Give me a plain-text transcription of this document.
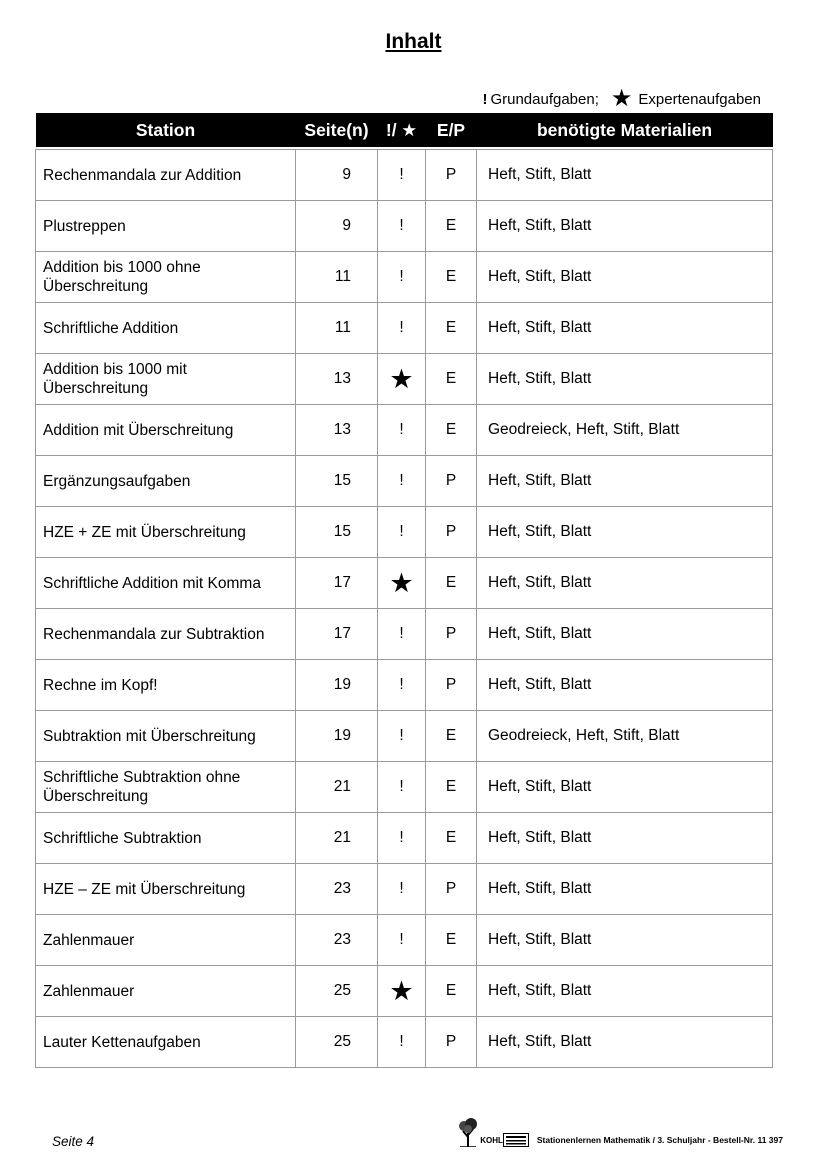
Inhalt
! Grundaufgaben; ★ Expertenaufgaben
Station	Seite(n)	!/ ★	E/P	benötigte Materialien

Rechenmandala zur Addition	9	!	P	Heft, Stift, Blatt
Plustreppen	9	!	E	Heft, Stift, Blatt
Addition bis 1000 ohne
Überschreitung	11	!	E	Heft, Stift, Blatt
Schriftliche Addition	11	!	E	Heft, Stift, Blatt
Addition bis 1000 mit
Überschreitung	13	★	E	Heft, Stift, Blatt
Addition mit Überschreitung	13	!	E	Geodreieck, Heft, Stift, Blatt
Ergänzungsaufgaben	15	!	P	Heft, Stift, Blatt
HZE + ZE mit Überschreitung	15	!	P	Heft, Stift, Blatt
Schriftliche Addition mit Komma	17	★	E	Heft, Stift, Blatt
Rechenmandala zur Subtraktion	17	!	P	Heft, Stift, Blatt
Rechne im Kopf!	19	!	P	Heft, Stift, Blatt
Subtraktion mit Überschreitung	19	!	E	Geodreieck, Heft, Stift, Blatt
Schriftliche Subtraktion ohne
Überschreitung	21	!	E	Heft, Stift, Blatt
Schriftliche Subtraktion	21	!	E	Heft, Stift, Blatt
HZE – ZE mit Überschreitung	23	!	P	Heft, Stift, Blatt
Zahlenmauer	23	!	E	Heft, Stift, Blatt
Zahlenmauer	25	★	E	Heft, Stift, Blatt
Lauter Kettenaufgaben	25	!	P	Heft, Stift, Blatt
Seite 4	KOHL	Stationenlernen Mathematik / 3. Schuljahr - Bestell-Nr. 11 397
